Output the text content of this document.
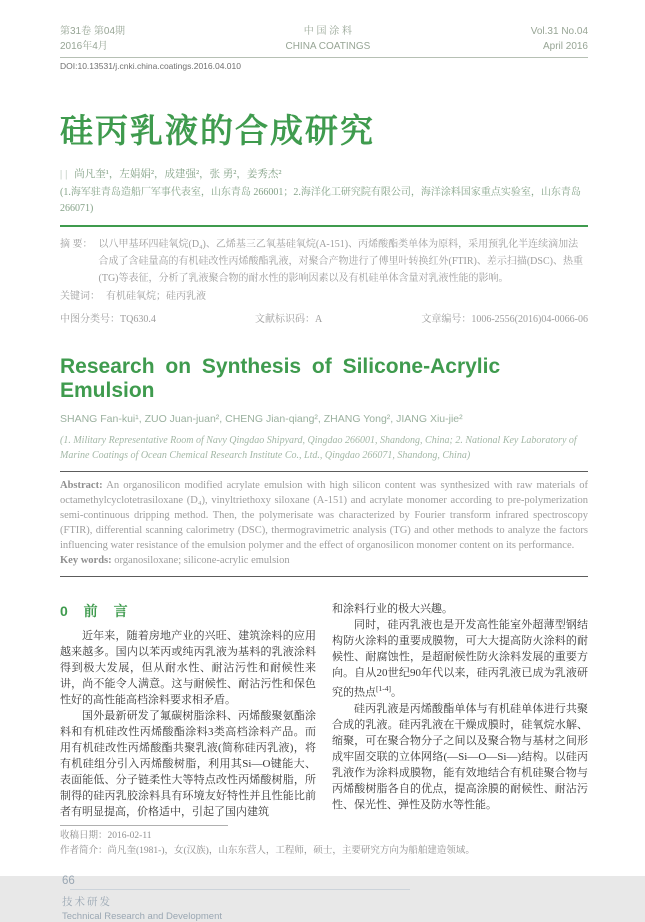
第31卷 第04期
2016年4月
中 国 涂 料
CHINA COATINGS
Vol.31 No.04
April 2016
DOI:10.13531/j.cnki.china.coatings.2016.04.010
硅丙乳液的合成研究
|| 尚凡奎¹，左娟娟²，成建强²，张 勇²，姜秀杰²
(1.海军驻青岛造船厂军事代表室，山东青岛 266001；2.海洋化工研究院有限公司，海洋涂料国家重点实验室，山东青岛 266071)
摘 要： 以八甲基环四硅氧烷(D₄)、乙烯基三乙氧基硅氧烷(A-151)、丙烯酸酯类单体为原料，采用预乳化半连续滴加法合成了含硅量高的有机硅改性丙烯酸酯乳液，对聚合产物进行了傅里叶转换红外(FTIR)、差示扫描(DSC)、热重(TG)等表征，分析了乳液聚合物的耐水性的影响因素以及有机硅单体含量对乳液性能的影响。
关键词： 有机硅氧烷；硅丙乳液
中图分类号：TQ630.4	文献标识码：A	文章编号：1006-2556(2016)04-0066-06
Research on Synthesis of Silicone-Acrylic Emulsion
SHANG Fan-kui¹, ZUO Juan-juan², CHENG Jian-qiang², ZHANG Yong², JIANG Xiu-jie²
(1. Military Representative Room of Navy Qingdao Shipyard, Qingdao 266001, Shandong, China; 2. National Key Laboratory of Marine Coatings of Ocean Chemical Research Institute Co., Ltd., Qingdao 266071, Shandong, China)
Abstract: An organosilicon modified acrylate emulsion with high silicon content was synthesized with raw materials of octamethylcyclotetrasiloxane (D₄), vinyltriethoxy siloxane (A-151) and acrylate monomer according to pre-polymerization semi-continuous dripping method. Then, the polymerisate was characterized by Fourier transform infrared spectroscopy (FTIR), differential scanning calorimetry (DSC), thermogravimetric analysis (TG) and other methods to analyze the factors influencing water resistance of the emulsion polymer and the effect of organosilicon monomer content on its performance.
Key words: organosiloxane; silicone-acrylic emulsion
0 前 言

近年来，随着房地产业的兴旺、建筑涂料的应用越来越多。国内以苯丙或纯丙乳液为基料的乳液涂料得到极大发展，但从耐水性、耐沾污性和耐候性来讲，尚不能令人满意。这与耐候性、耐沾污性和保色性好的高性能高档涂料要求相矛盾。

国外最新研发了氟碳树脂涂料、丙烯酸聚氨酯涂料和有机硅改性丙烯酸酯涂料3类高档涂料产品。而用有机硅改性丙烯酸酯共聚乳液(简称硅丙乳液)，将有机硅组分引入丙烯酸树脂，利用其Si—O键能大、表面能低、分子链柔性大等特点改性丙烯酸树脂，所制得的硅丙乳胶涂料具有环境友好特性并且性能比前者有明显提高，价格适中，引起了国内建筑

和涂料行业的极大兴趣。

同时，硅丙乳液也是开发高性能室外超薄型钢结构防火涂料的重要成膜物，可大大提高防火涂料的耐候性、耐腐蚀性，是超耐候性防火涂料发展的重要方向。自从20世纪90年代以来，硅丙乳液已成为乳液研究的热点[1-4]。

硅丙乳液是丙烯酸酯单体与有机硅单体进行共聚合成的乳液。硅丙乳液在干燥成膜时，硅氧烷水解、缩聚，可在聚合物分子之间以及聚合物与基材之间形成牢固交联的立体网络(—Si—O—Si—)结构。以硅丙乳液作为涂料成膜物，能有效地结合有机硅聚合物与丙烯酸树脂各自的优点，提高涂膜的耐候性、耐沾污性、保光性、弹性及防水等性能。

收稿日期：2016-02-11
作者简介：尚凡奎(1981-)，女(汉族)，山东东营人，工程师，硕士，主要研究方向为船舶建造领域。
66
技术研发
Technical Research and Development
